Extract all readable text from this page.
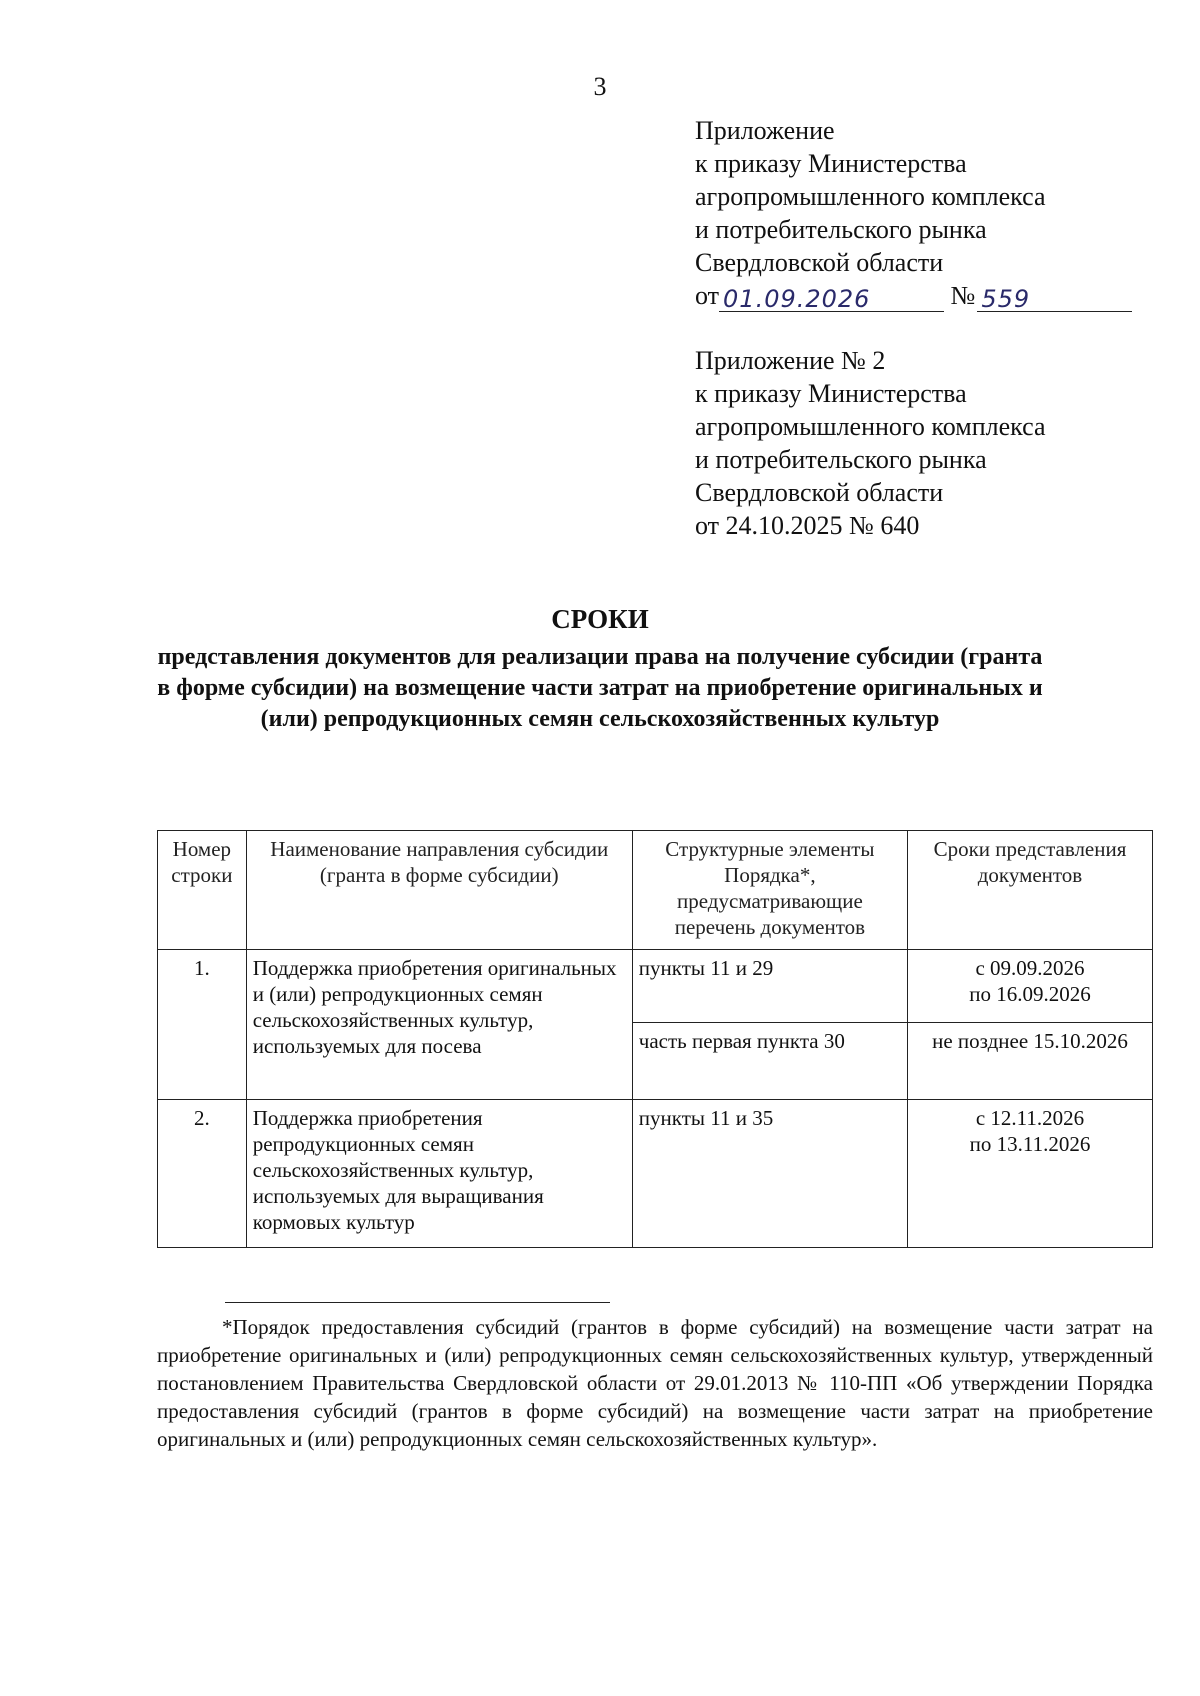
3
Приложение
к приказу Министерства
агропромышленного комплекса
и потребительского рынка
Свердловской области
от 01.09.2026	№ 559
Приложение № 2
к приказу Министерства
агропромышленного комплекса
и потребительского рынка
Свердловской области
от 24.10.2025 № 640
СРОКИ
представления документов для реализации права на получение субсидии (гранта в форме субсидии) на возмещение части затрат на приобретение оригинальных и (или) репродукционных семян сельскохозяйственных культур
Номер строки	Наименование направления субсидии (гранта в форме субсидии)	Структурные элементы Порядка*, предусматривающие перечень документов	Сроки представления документов
1.	Поддержка приобретения оригинальных и (или) репродукционных семян сельскохозяйственных культур, используемых для посева	пункты 11 и 29	с 09.09.2026
по 16.09.2026

		часть первая пункта 30	не позднее 15.10.2026

2.	Поддержка приобретения репродукционных семян сельскохозяйственных культур, используемых для выращивания кормовых культур	пункты 11 и 35	с 12.11.2026
по 13.11.2026
*Порядок предоставления субсидий (грантов в форме субсидий) на возмещение части затрат на приобретение оригинальных и (или) репродукционных семян сельскохозяйственных культур, утвержденный постановлением Правительства Свердловской области от 29.01.2013 № 110-ПП «Об утверждении Порядка предоставления субсидий (грантов в форме субсидий) на возмещение части затрат на приобретение оригинальных и (или) репродукционных семян сельскохозяйственных культур».
